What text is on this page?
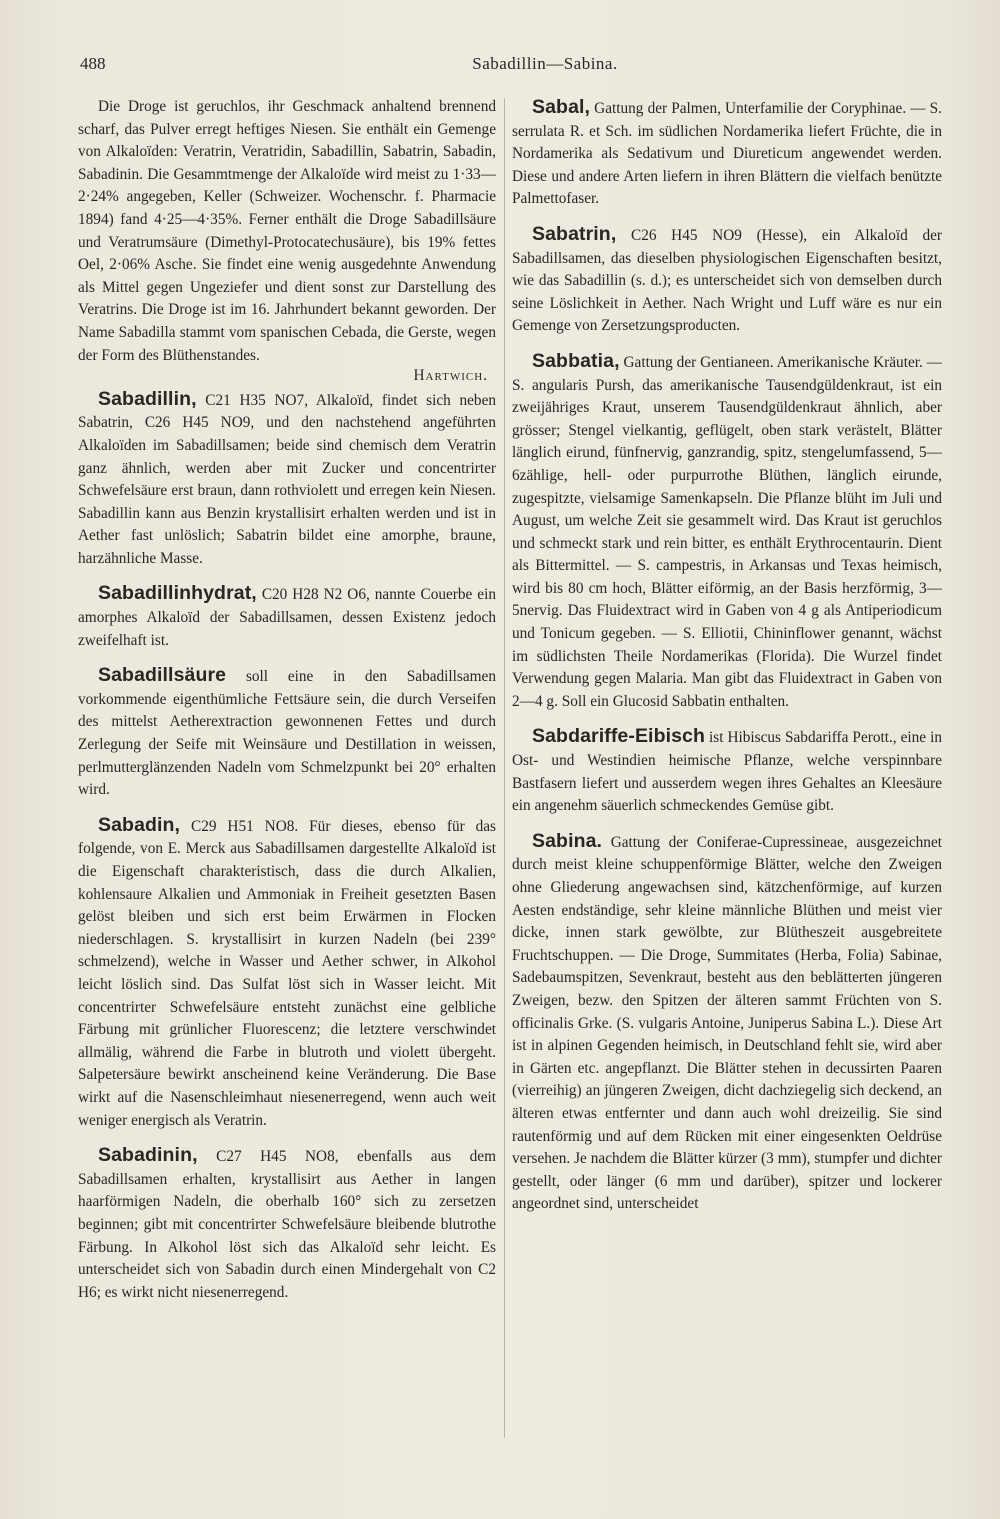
488	Sabadillin—Sabina.

Die Droge ist geruchlos, ihr Geschmack anhaltend brennend scharf, das Pulver erregt heftiges Niesen. Sie enthält ein Gemenge von Alkaloïden: Veratrin, Veratridin, Sabadillin, Sabatrin, Sabadin, Sabadinin. Die Gesammtmenge der Alkaloïde wird meist zu 1·33—2·24% angegeben, Keller (Schweizer. Wochenschr. f. Pharmacie 1894) fand 4·25—4·35%. Ferner enthält die Droge Sabadillsäure und Veratrumsäure (Dimethyl-Protocatechusäure), bis 19% fettes Oel, 2·06% Asche. Sie findet eine wenig ausgedehnte Anwendung als Mittel gegen Ungeziefer und dient sonst zur Darstellung des Veratrins. Die Droge ist im 16. Jahrhundert bekannt geworden. Der Name Sabadilla stammt vom spanischen Cebada, die Gerste, wegen der Form des Blüthenstandes.

Hartwich.

Sabadillin, C21 H35 NO7, Alkaloïd, findet sich neben Sabatrin, C26 H45 NO9, und den nachstehend angeführten Alkaloïden im Sabadillsamen; beide sind chemisch dem Veratrin ganz ähnlich, werden aber mit Zucker und concentrirter Schwefelsäure erst braun, dann rothviolett und erregen kein Niesen. Sabadillin kann aus Benzin krystallisirt erhalten werden und ist in Aether fast unlöslich; Sabatrin bildet eine amorphe, braune, harzähnliche Masse.
Sabadillinhydrat, C20 H28 N2 O6, nannte Couerbe ein amorphes Alkaloïd der Sabadillsamen, dessen Existenz jedoch zweifelhaft ist.
Sabadillsäure soll eine in den Sabadillsamen vorkommende eigenthümliche Fettsäure sein, die durch Verseifen des mittelst Aetherextraction gewonnenen Fettes und durch Zerlegung der Seife mit Weinsäure und Destillation in weissen, perlmutterglänzenden Nadeln vom Schmelzpunkt bei 20° erhalten wird.
Sabadin, C29 H51 NO8. Für dieses, ebenso für das folgende, von E. Merck aus Sabadillsamen dargestellte Alkaloïd ist die Eigenschaft charakteristisch, dass die durch Alkalien, kohlensaure Alkalien und Ammoniak in Freiheit gesetzten Basen gelöst bleiben und sich erst beim Erwärmen in Flocken niederschlagen. S. krystallisirt in kurzen Nadeln (bei 239° schmelzend), welche in Wasser und Aether schwer, in Alkohol leicht löslich sind. Das Sulfat löst sich in Wasser leicht. Mit concentrirter Schwefelsäure entsteht zunächst eine gelbliche Färbung mit grünlicher Fluorescenz; die letztere verschwindet allmälig, während die Farbe in blutroth und violett übergeht. Salpetersäure bewirkt anscheinend keine Veränderung. Die Base wirkt auf die Nasenschleimhaut niesenerregend, wenn auch weit weniger energisch als Veratrin.
Sabadinin, C27 H45 NO8, ebenfalls aus dem Sabadillsamen erhalten, krystallisirt aus Aether in langen haarförmigen Nadeln, die oberhalb 160° sich zu zersetzen beginnen; gibt mit concentrirter Schwefelsäure bleibende blutrothe Färbung. In Alkohol löst sich das Alkaloïd sehr leicht. Es unterscheidet sich von Sabadin durch einen Mindergehalt von C2 H6; es wirkt nicht niesenerregend.
Sabal, Gattung der Palmen, Unterfamilie der Coryphinae. — S. serrulata R. et Sch. im südlichen Nordamerika liefert Früchte, die in Nordamerika als Sedativum und Diureticum angewendet werden. Diese und andere Arten liefern in ihren Blättern die vielfach benützte Palmettofaser.
Sabatrin, C26 H45 NO9 (Hesse), ein Alkaloïd der Sabadillsamen, das dieselben physiologischen Eigenschaften besitzt, wie das Sabadillin (s. d.); es unterscheidet sich von demselben durch seine Löslichkeit in Aether. Nach Wright und Luff wäre es nur ein Gemenge von Zersetzungsproducten.
Sabbatia, Gattung der Gentianeen. Amerikanische Kräuter. — S. angularis Pursh, das amerikanische Tausendgüldenkraut, ist ein zweijähriges Kraut, unserem Tausendgüldenkraut ähnlich, aber grösser; Stengel vielkantig, geflügelt, oben stark verästelt, Blätter länglich eirund, fünfnervig, ganzrandig, spitz, stengelumfassend, 5—6zählige, hell- oder purpurrothe Blüthen, länglich eirunde, zugespitzte, vielsamige Samenkapseln. Die Pflanze blüht im Juli und August, um welche Zeit sie gesammelt wird. Das Kraut ist geruchlos und schmeckt stark und rein bitter, es enthält Erythrocentaurin. Dient als Bittermittel. — S. campestris, in Arkansas und Texas heimisch, wird bis 80 cm hoch, Blätter eiförmig, an der Basis herzförmig, 3—5nervig. Das Fluidextract wird in Gaben von 4 g als Antiperiodicum und Tonicum gegeben. — S. Elliotii, Chininflower genannt, wächst im südlichsten Theile Nordamerikas (Florida). Die Wurzel findet Verwendung gegen Malaria. Man gibt das Fluidextract in Gaben von 2—4 g. Soll ein Glucosid Sabbatin enthalten.
Sabdariffe-Eibisch ist Hibiscus Sabdariffa Perott., eine in Ost- und Westindien heimische Pflanze, welche verspinnbare Bastfasern liefert und ausserdem wegen ihres Gehaltes an Kleesäure ein angenehm säuerlich schmeckendes Gemüse gibt.
Sabina. Gattung der Coniferae-Cupressineae, ausgezeichnet durch meist kleine schuppenförmige Blätter, welche den Zweigen ohne Gliederung angewachsen sind, kätzchenförmige, auf kurzen Aesten endständige, sehr kleine männliche Blüthen und meist vier dicke, innen stark gewölbte, zur Blütheszeit ausgebreitete Fruchtschuppen. — Die Droge, Summitates (Herba, Folia) Sabinae, Sadebaumspitzen, Sevenkraut, besteht aus den beblätterten jüngeren Zweigen, bezw. den Spitzen der älteren sammt Früchten von S. officinalis Grke. (S. vulgaris Antoine, Juniperus Sabina L.). Diese Art ist in alpinen Gegenden heimisch, in Deutschland fehlt sie, wird aber in Gärten etc. angepflanzt. Die Blätter stehen in decussirten Paaren (vierreihig) an jüngeren Zweigen, dicht dachziegelig sich deckend, an älteren etwas entfernter und dann auch wohl dreizeilig. Sie sind rautenförmig und auf dem Rücken mit einer eingesenkten Oeldrüse versehen. Je nachdem die Blätter kürzer (3 mm), stumpfer und dichter gestellt, oder länger (6 mm und darüber), spitzer und lockerer angeordnet sind, unterscheidet
